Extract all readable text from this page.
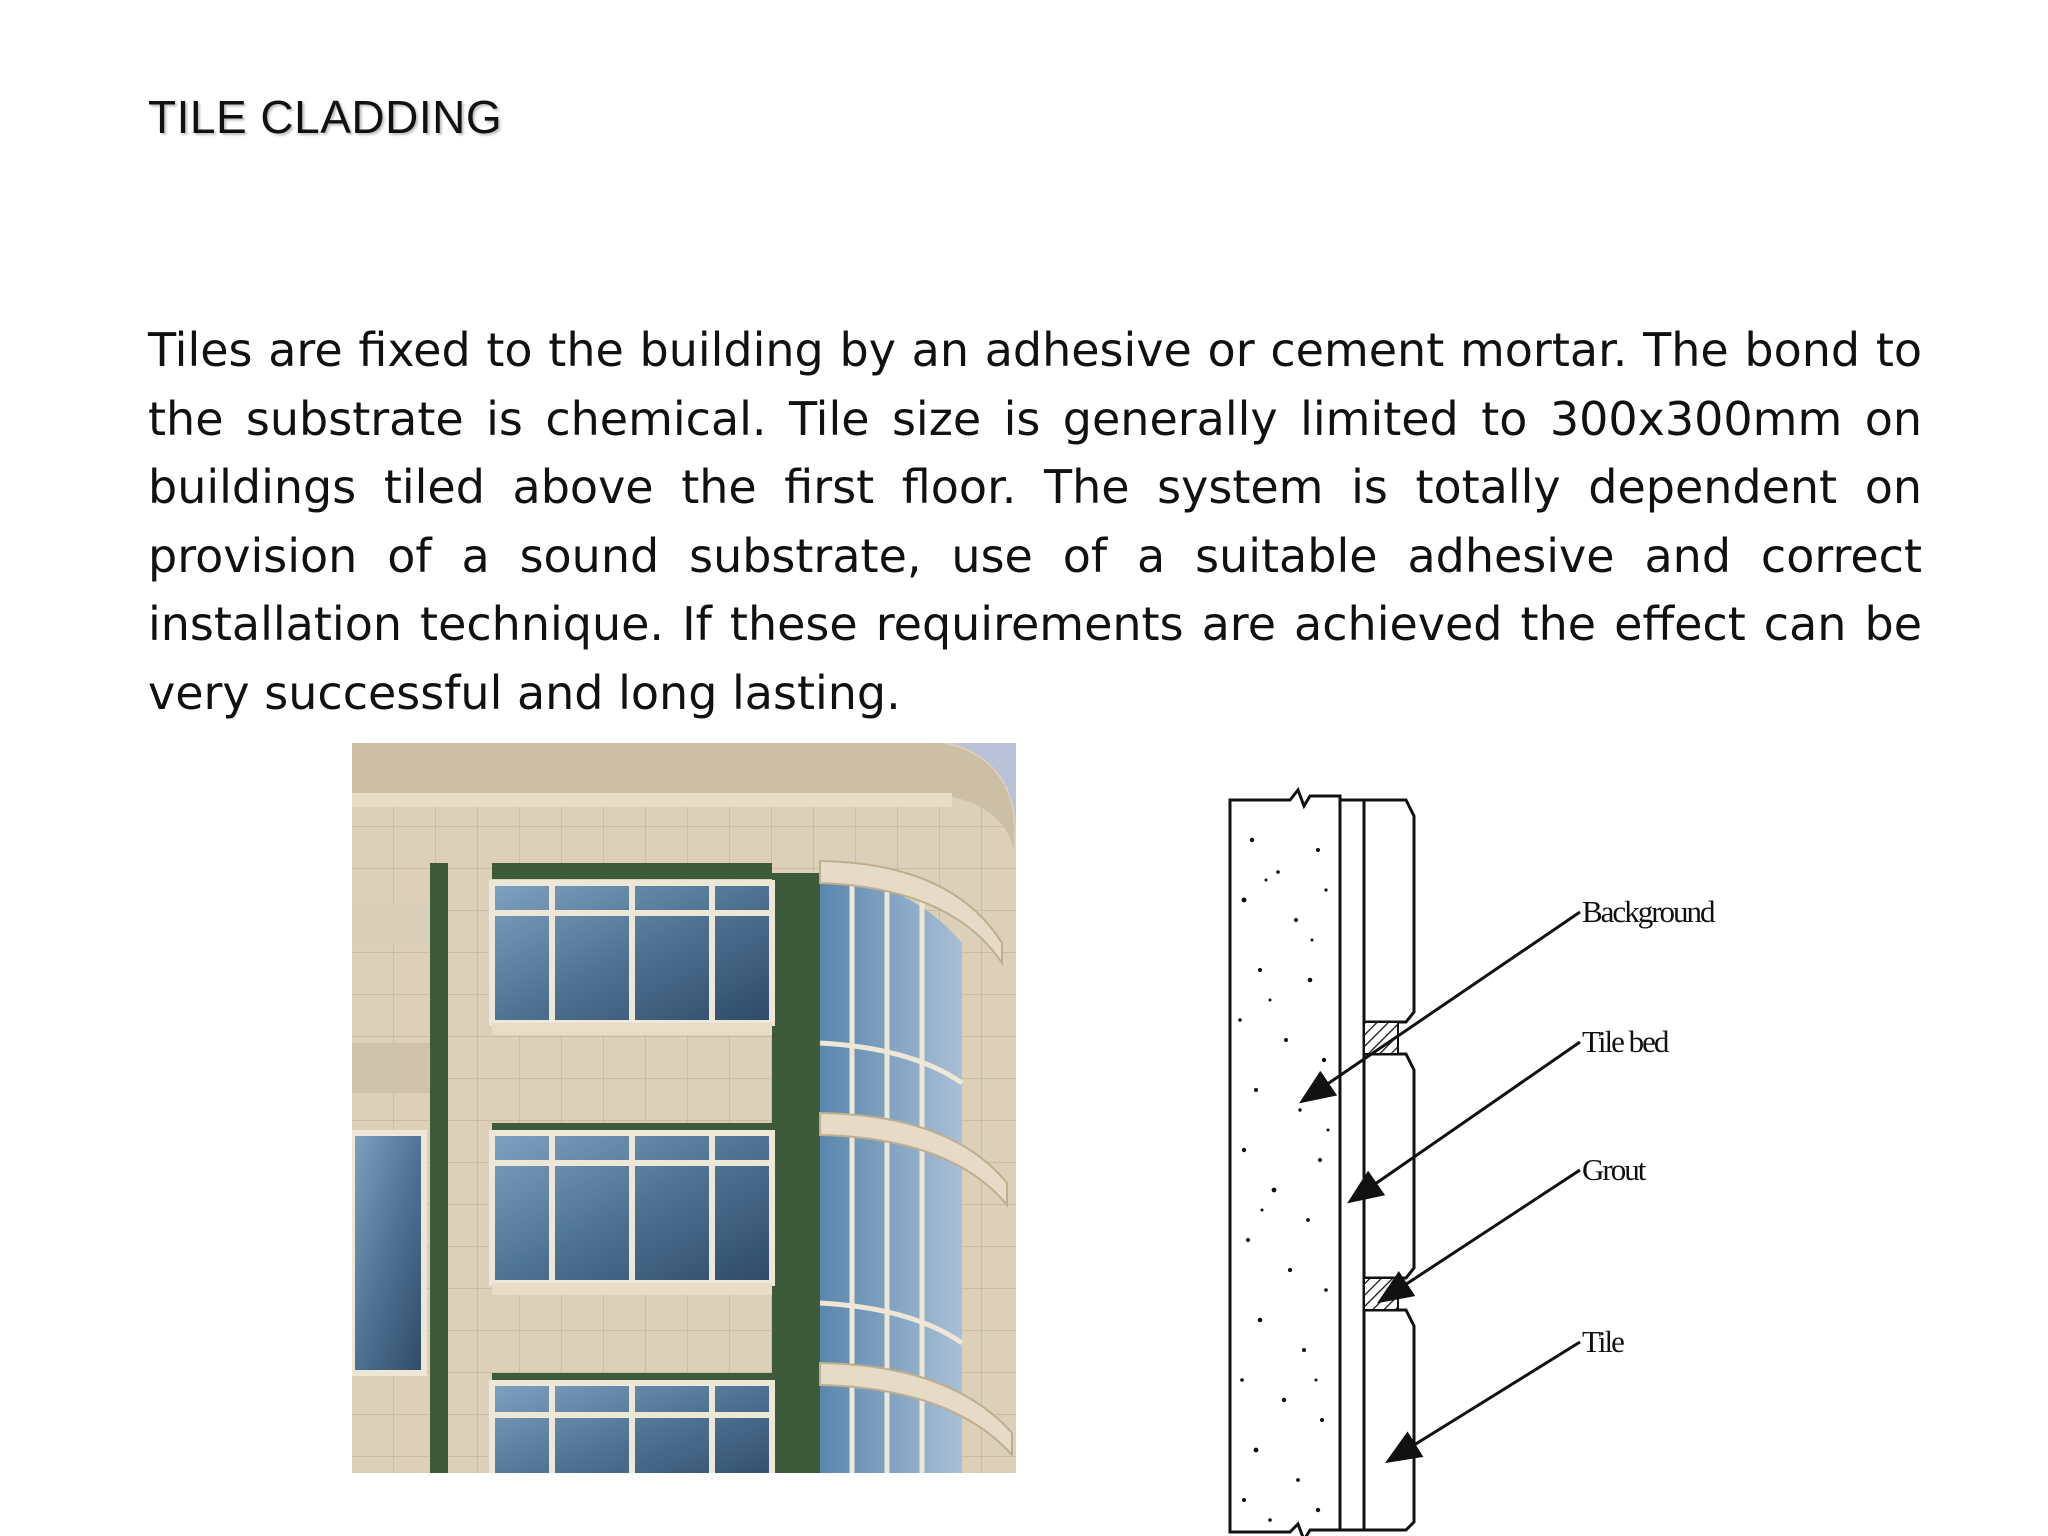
TILE CLADDING

Tiles are fixed to the building by an adhesive or cement mortar. The bond to the substrate is chemical. Tile size is generally limited to 300x300mm on buildings tiled above the first floor. The system is totally dependent on provision of a sound substrate, use of a suitable adhesive and correct installation technique. If these requirements are achieved the effect can be very successful and long lasting.

Background
Tile bed
Grout
Tile
